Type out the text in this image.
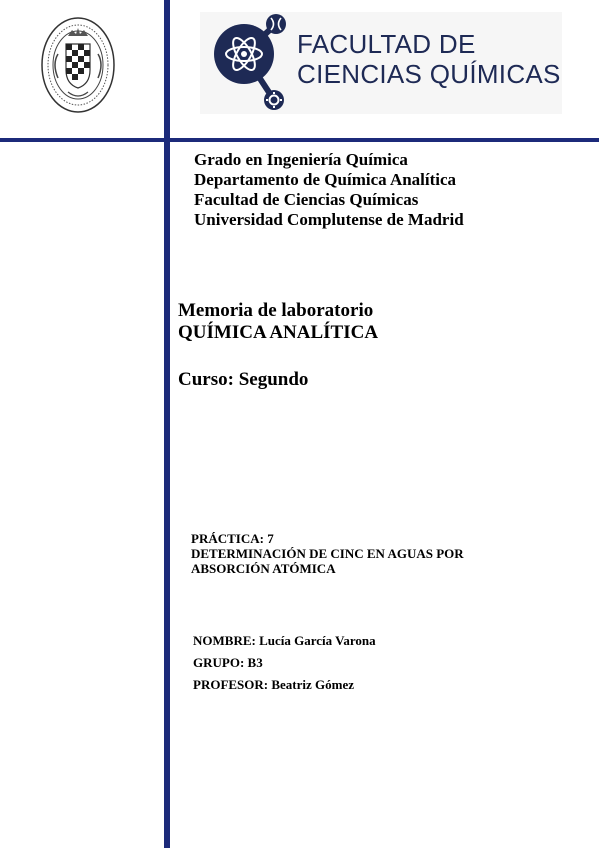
FACULTAD DE
CIENCIAS QUÍMICAS
Grado en Ingeniería Química
Departamento de Química Analítica
Facultad de Ciencias Químicas
Universidad Complutense de Madrid
Memoria de laboratorio
QUÍMICA ANALÍTICA
Curso: Segundo
PRÁCTICA: 7
DETERMINACIÓN DE CINC EN AGUAS POR
ABSORCIÓN ATÓMICA
NOMBRE: Lucía García Varona
GRUPO: B3
PROFESOR: Beatriz Gómez
